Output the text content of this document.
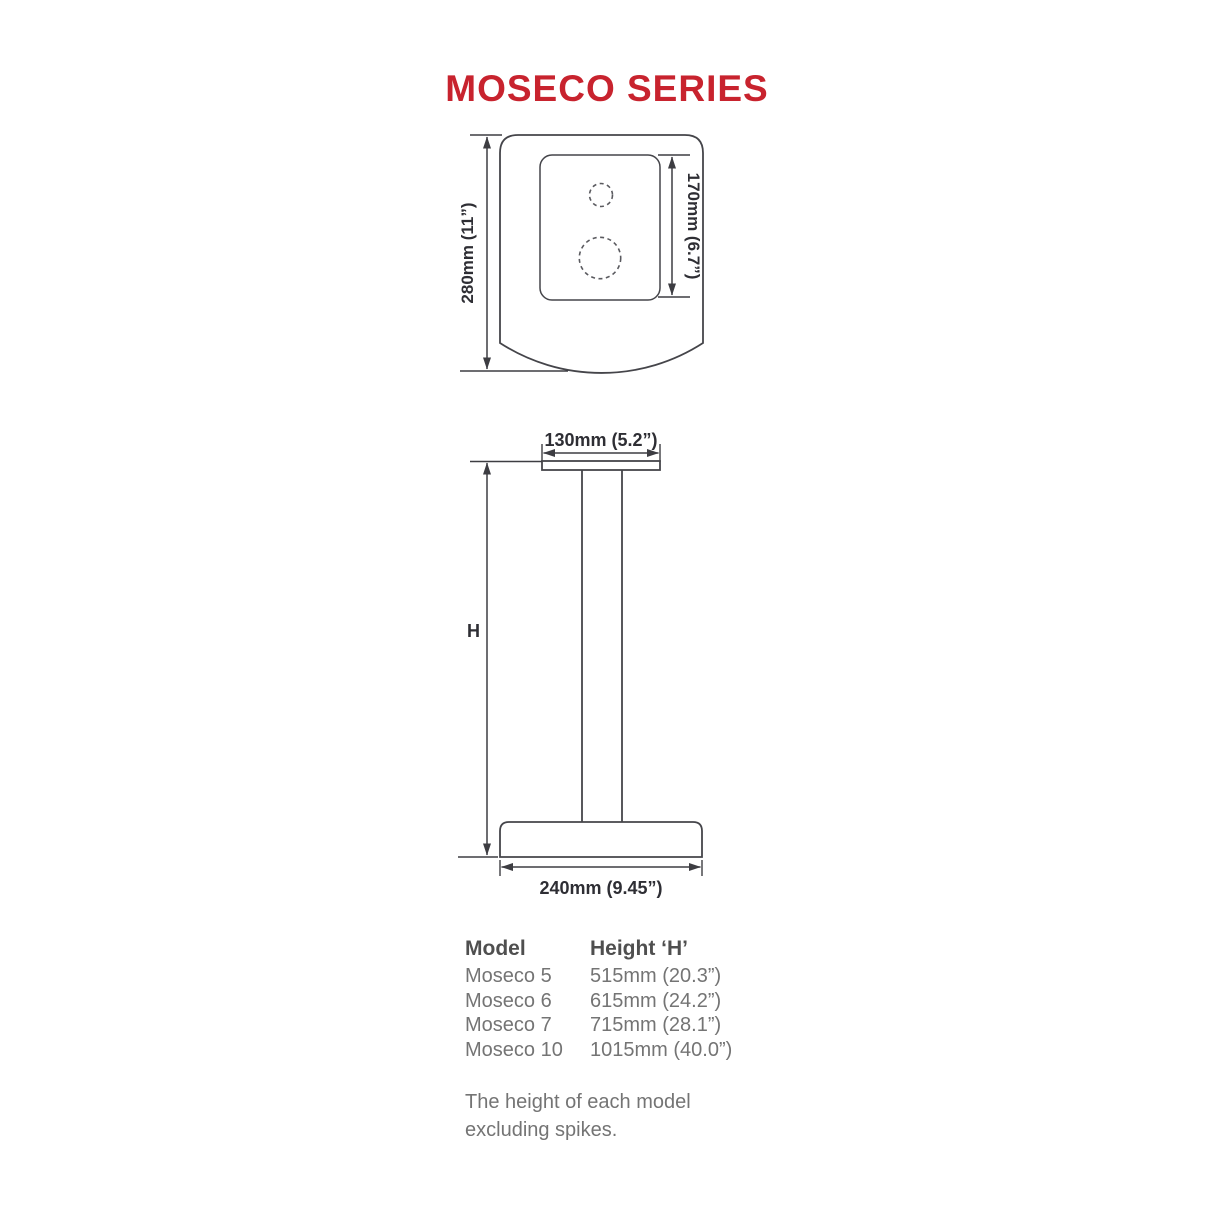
MOSECO SERIES
280mm (11”)	170mm (6.7”)
130mm (5.2”)
H
240mm (9.45”)
Model	Height ‘H’
Moseco 5	515mm (20.3”)
Moseco 6	615mm (24.2”)
Moseco 7	715mm (28.1”)
Moseco 10	1015mm (40.0”)
The height of each model excluding spikes.
